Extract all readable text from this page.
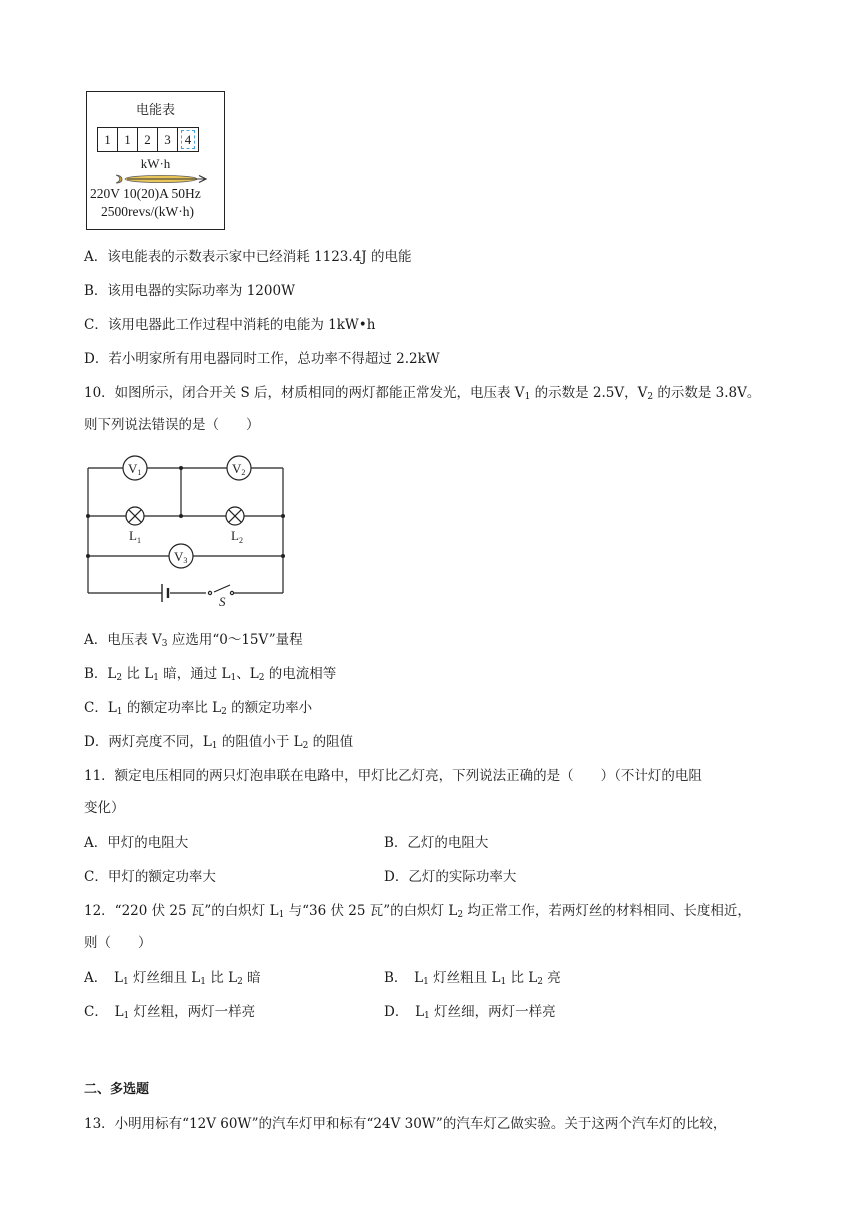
电能表
1	1	2	3	4
kW·h
220V 10(20)A 50Hz
2500revs/(kW·h)
A．该电能表的示数表示家中已经消耗 1123.4J 的电能
B．该用电器的实际功率为 1200W
C．该用电器此工作过程中消耗的电能为 1kW•h
D．若小明家所有用电器同时工作，总功率不得超过 2.2kW
10．如图所示，闭合开关 S 后，材质相同的两灯都能正常发光，电压表 $V_1$ 的示数是 2.5V，$V_2$ 的示数是 3.8V。
则下列说法错误的是（　　）
V1	V2
V3
$L_1$	$L_2$
S
A．电压表 $V_3$ 应选用“0～15V”量程
B．$L_2$ 比 $L_1$ 暗，通过 $L_1$、$L_2$ 的电流相等
C．$L_1$ 的额定功率比 $L_2$ 的额定功率小
D．两灯亮度不同，$L_1$ 的阻值小于 $L_2$ 的阻值
11．额定电压相同的两只灯泡串联在电路中，甲灯比乙灯亮，下列说法正确的是（　　）（不计灯的电阻
变化）
A．甲灯的电阻大	B．乙灯的电阻大
C．甲灯的额定功率大	D．乙灯的实际功率大
12．“220 伏 25 瓦”的白炽灯 $L_1$ 与“36 伏 25 瓦”的白炽灯 $L_2$ 均正常工作，若两灯丝的材料相同、长度相近，
则（　　）
A．　$L_1$ 灯丝细且 $L_1$ 比 $L_2$ 暗	B．　$L_1$ 灯丝粗且 $L_1$ 比 $L_2$ 亮
C．　$L_1$ 灯丝粗，两灯一样亮	D．　$L_1$ 灯丝细，两灯一样亮
二、多选题
13．小明用标有“12V 60W”的汽车灯甲和标有“24V 30W”的汽车灯乙做实验。关于这两个汽车灯的比较，
